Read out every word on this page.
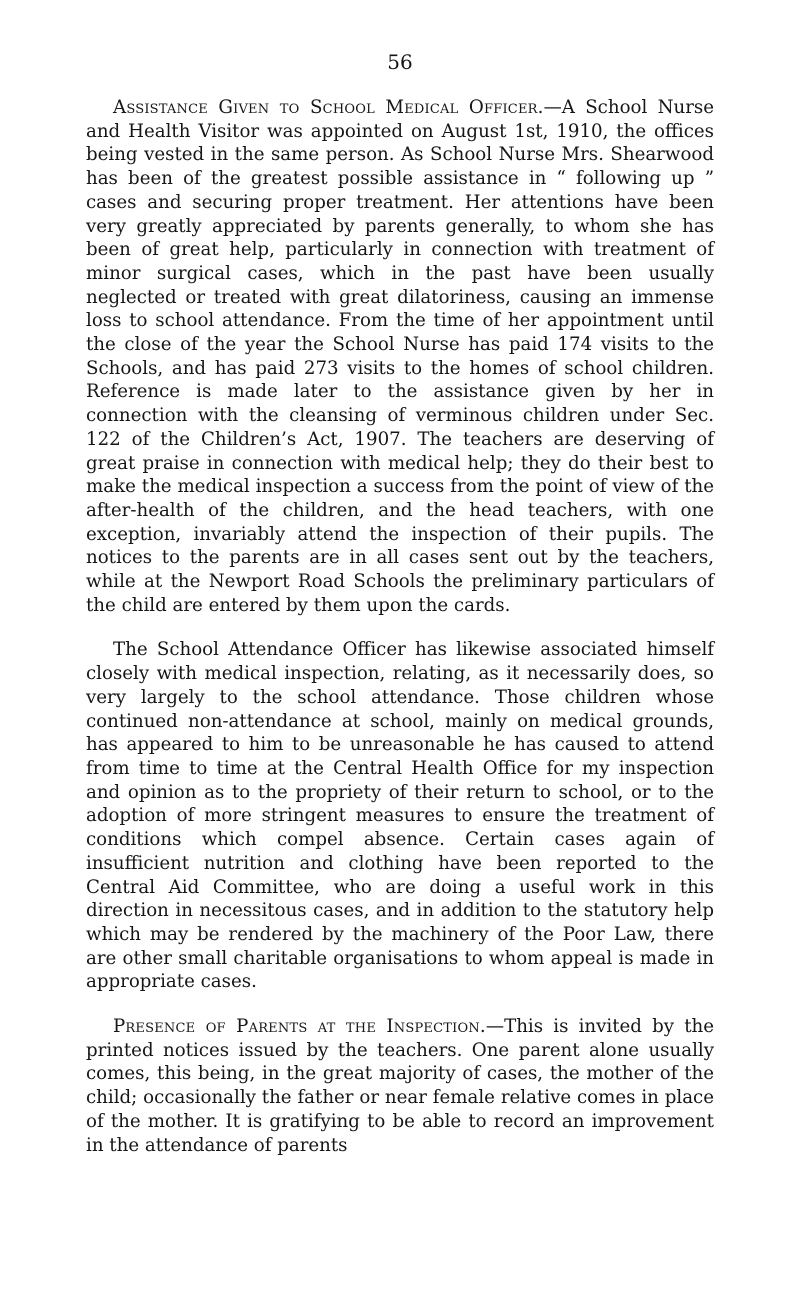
56

Assistance Given to School Medical Officer.—A School Nurse and Health Visitor was appointed on August 1st, 1910, the offices being vested in the same person. As School Nurse Mrs. Shearwood has been of the greatest possible assistance in “ following up ” cases and securing proper treatment. Her attentions have been very greatly appreciated by parents generally, to whom she has been of great help, particularly in connection with treatment of minor surgical cases, which in the past have been usually neglected or treated with great dilatoriness, causing an immense loss to school attendance. From the time of her appointment until the close of the year the School Nurse has paid 174 visits to the Schools, and has paid 273 visits to the homes of school children. Reference is made later to the assistance given by her in connection with the cleansing of verminous children under Sec. 122 of the Children’s Act, 1907. The teachers are deserving of great praise in connection with medical help; they do their best to make the medical inspection a success from the point of view of the after-health of the children, and the head teachers, with one exception, invariably attend the inspection of their pupils. The notices to the parents are in all cases sent out by the teachers, while at the Newport Road Schools the preliminary particulars of the child are entered by them upon the cards.

The School Attendance Officer has likewise associated himself closely with medical inspection, relating, as it necessarily does, so very largely to the school attendance. Those children whose continued non-attendance at school, mainly on medical grounds, has appeared to him to be unreasonable he has caused to attend from time to time at the Central Health Office for my inspection and opinion as to the propriety of their return to school, or to the adoption of more stringent measures to ensure the treatment of conditions which compel absence. Certain cases again of insufficient nutrition and clothing have been reported to the Central Aid Committee, who are doing a useful work in this direction in necessitous cases, and in addition to the statutory help which may be rendered by the machinery of the Poor Law, there are other small charitable organisations to whom appeal is made in appropriate cases.

Presence of Parents at the Inspection.—This is invited by the printed notices issued by the teachers. One parent alone usually comes, this being, in the great majority of cases, the mother of the child; occasionally the father or near female relative comes in place of the mother. It is gratifying to be able to record an improvement in the attendance of parents
